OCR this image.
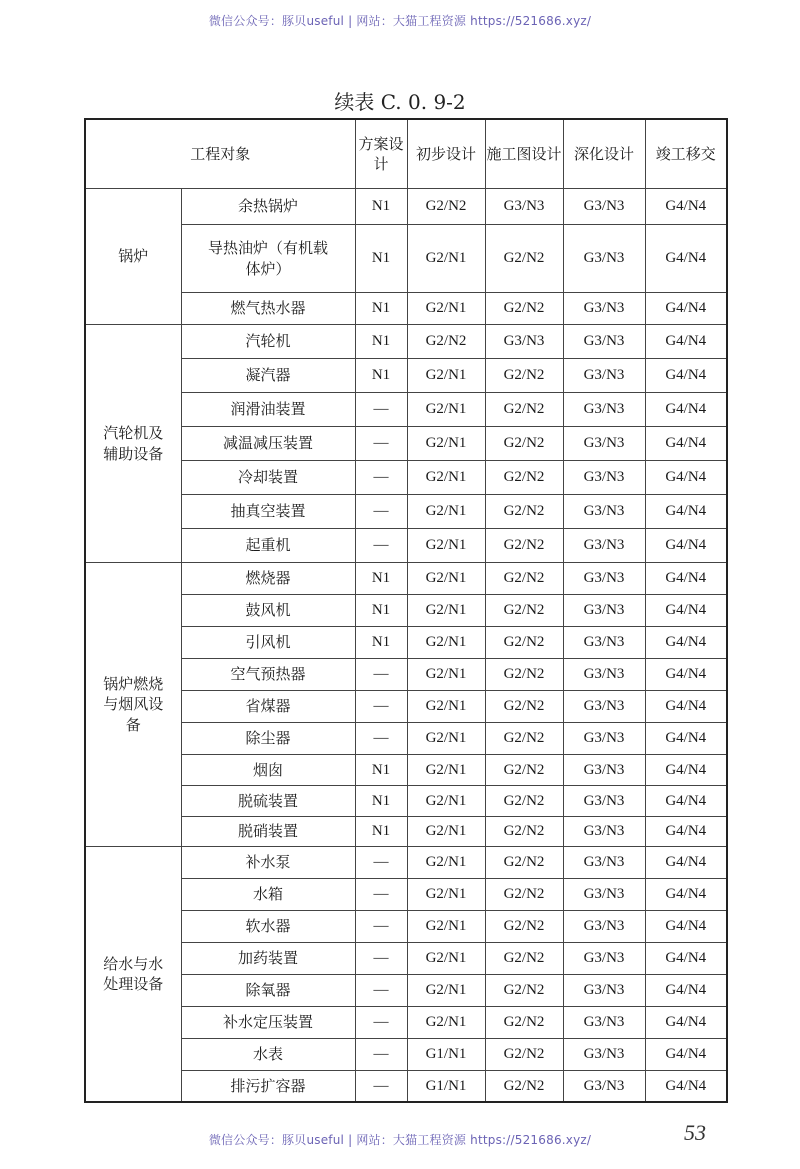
微信公众号：豚贝useful | 网站：大猫工程资源 https://521686.xyz/
续表 C. 0. 9-2
工程对象		方案设计	初步设计	施工图设计	深化设计	竣工移交
锅炉	余热锅炉	N1	G2/N2	G3/N3	G3/N3	G4/N4
	导热油炉（有机载体炉）	N1	G2/N1	G2/N2	G3/N3	G4/N4
	燃气热水器	N1	G2/N1	G2/N2	G3/N3	G4/N4
汽轮机及辅助设备	汽轮机	N1	G2/N2	G3/N3	G3/N3	G4/N4
	凝汽器	N1	G2/N1	G2/N2	G3/N3	G4/N4
	润滑油装置	—	G2/N1	G2/N2	G3/N3	G4/N4
	减温减压装置	—	G2/N1	G2/N2	G3/N3	G4/N4
	冷却装置	—	G2/N1	G2/N2	G3/N3	G4/N4
	抽真空装置	—	G2/N1	G2/N2	G3/N3	G4/N4
	起重机	—	G2/N1	G2/N2	G3/N3	G4/N4
锅炉燃烧与烟风设备	燃烧器	N1	G2/N1	G2/N2	G3/N3	G4/N4
	鼓风机	N1	G2/N1	G2/N2	G3/N3	G4/N4
	引风机	N1	G2/N1	G2/N2	G3/N3	G4/N4
	空气预热器	—	G2/N1	G2/N2	G3/N3	G4/N4
	省煤器	—	G2/N1	G2/N2	G3/N3	G4/N4
	除尘器	—	G2/N1	G2/N2	G3/N3	G4/N4
	烟囱	N1	G2/N1	G2/N2	G3/N3	G4/N4
	脱硫装置	N1	G2/N1	G2/N2	G3/N3	G4/N4
	脱硝装置	N1	G2/N1	G2/N2	G3/N3	G4/N4
给水与水处理设备	补水泵	—	G2/N1	G2/N2	G3/N3	G4/N4
	水箱	—	G2/N1	G2/N2	G3/N3	G4/N4
	软水器	—	G2/N1	G2/N2	G3/N3	G4/N4
	加药装置	—	G2/N1	G2/N2	G3/N3	G4/N4
	除氧器	—	G2/N1	G2/N2	G3/N3	G4/N4
	补水定压装置	—	G2/N1	G2/N2	G3/N3	G4/N4
	水表	—	G1/N1	G2/N2	G3/N3	G4/N4
	排污扩容器	—	G1/N1	G2/N2	G3/N3	G4/N4
微信公众号：豚贝useful | 网站：大猫工程资源 https://521686.xyz/	53
